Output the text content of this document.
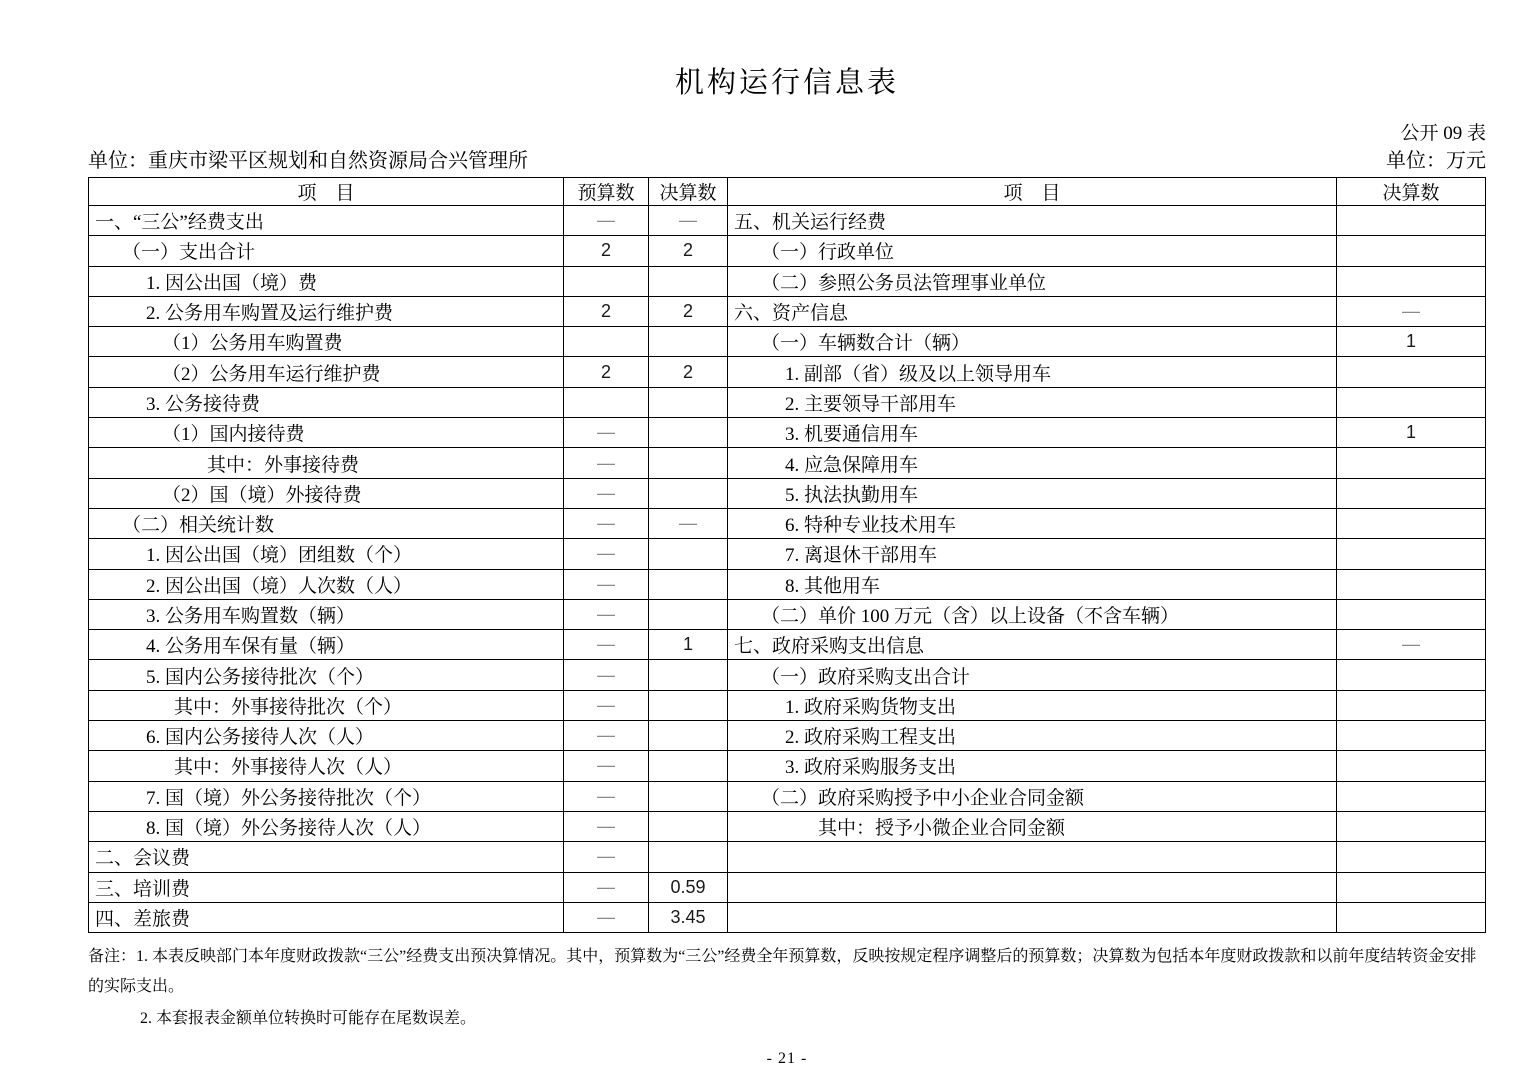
机构运行信息表
公开 09 表
单位：重庆市梁平区规划和自然资源局合兴管理所	单位：万元
项　目	预算数	决算数	项　目	决算数
一、“三公”经费支出	—	—	五、机关运行经费	
（一）支出合计	2	2	（一）行政单位	
1. 因公出国（境）费			（二）参照公务员法管理事业单位	
2. 公务用车购置及运行维护费	2	2	六、资产信息	—
（1）公务用车购置费			（一）车辆数合计（辆）	1
（2）公务用车运行维护费	2	2	1. 副部（省）级及以上领导用车	
3. 公务接待费			2. 主要领导干部用车	
（1）国内接待费	—		3. 机要通信用车	1
其中：外事接待费	—		4. 应急保障用车	
（2）国（境）外接待费	—		5. 执法执勤用车	
（二）相关统计数	—	—	6. 特种专业技术用车	
1. 因公出国（境）团组数（个）	—		7. 离退休干部用车	
2. 因公出国（境）人次数（人）	—		8. 其他用车	
3. 公务用车购置数（辆）	—		（二）单价 100 万元（含）以上设备（不含车辆）	
4. 公务用车保有量（辆）	—	1	七、政府采购支出信息	—
5. 国内公务接待批次（个）	—		（一）政府采购支出合计	
其中：外事接待批次（个）	—		1. 政府采购货物支出	
6. 国内公务接待人次（人）	—		2. 政府采购工程支出	
其中：外事接待人次（人）	—		3. 政府采购服务支出	
7. 国（境）外公务接待批次（个）	—		（二）政府采购授予中小企业合同金额	
8. 国（境）外公务接待人次（人）	—		其中：授予小微企业合同金额	
二、会议费	—			
三、培训费	—	0.59		
四、差旅费	—	3.45		
备注：1. 本表反映部门本年度财政拨款“三公”经费支出预决算情况。其中，预算数为“三公”经费全年预算数，反映按规定程序调整后的预算数；决算数为包括本年度财政拨款和以前年度结转资金安排的实际支出。
2. 本套报表金额单位转换时可能存在尾数误差。
- 21 -
